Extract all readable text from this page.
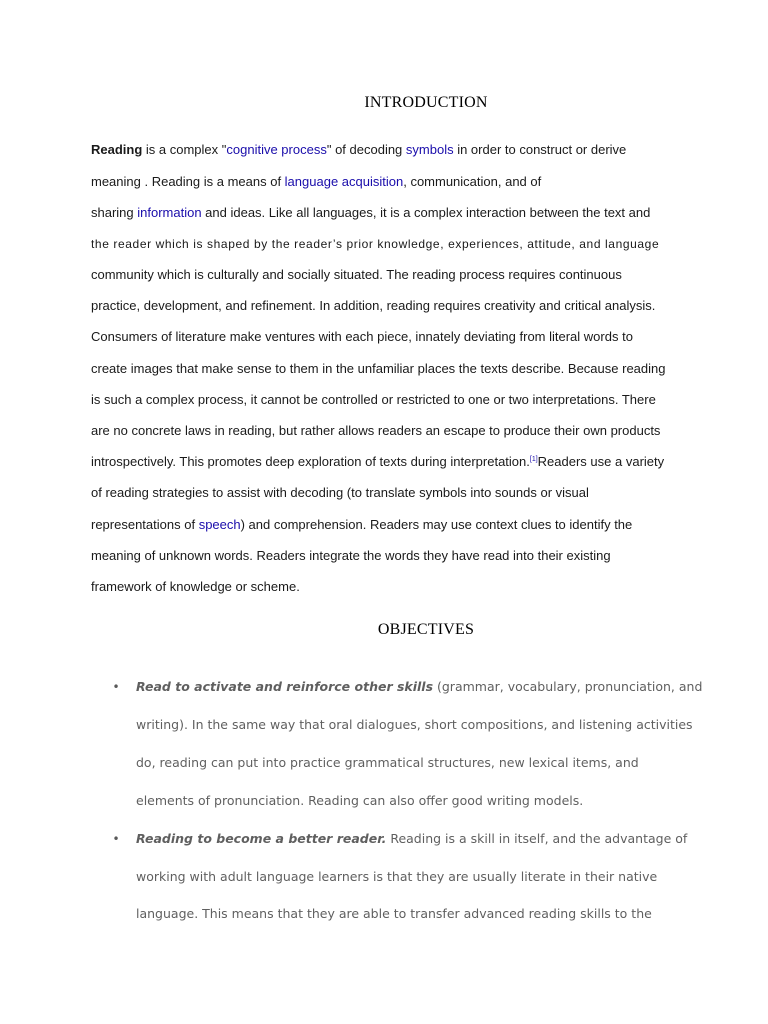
INTRODUCTION
Reading is a complex "cognitive process" of decoding symbols in order to construct or derive
meaning . Reading is a means of language acquisition, communication, and of
sharing information and ideas. Like all languages, it is a complex interaction between the text and
the reader which is shaped by the reader’s prior knowledge, experiences, attitude, and language
community which is culturally and socially situated. The reading process requires continuous
practice, development, and refinement. In addition, reading requires creativity and critical analysis.
Consumers of literature make ventures with each piece, innately deviating from literal words to
create images that make sense to them in the unfamiliar places the texts describe. Because reading
is such a complex process, it cannot be controlled or restricted to one or two interpretations. There
are no concrete laws in reading, but rather allows readers an escape to produce their own products
introspectively. This promotes deep exploration of texts during interpretation.[1]Readers use a variety
of reading strategies to assist with decoding (to translate symbols into sounds or visual
representations of speech) and comprehension. Readers may use context clues to identify the
meaning of unknown words. Readers integrate the words they have read into their existing
framework of knowledge or scheme.
OBJECTIVES
• Read to activate and reinforce other skills (grammar, vocabulary, pronunciation, and
writing). In the same way that oral dialogues, short compositions, and listening activities
do, reading can put into practice grammatical structures, new lexical items, and
elements of pronunciation. Reading can also offer good writing models.
• Reading to become a better reader. Reading is a skill in itself, and the advantage of
working with adult language learners is that they are usually literate in their native
language. This means that they are able to transfer advanced reading skills to the
